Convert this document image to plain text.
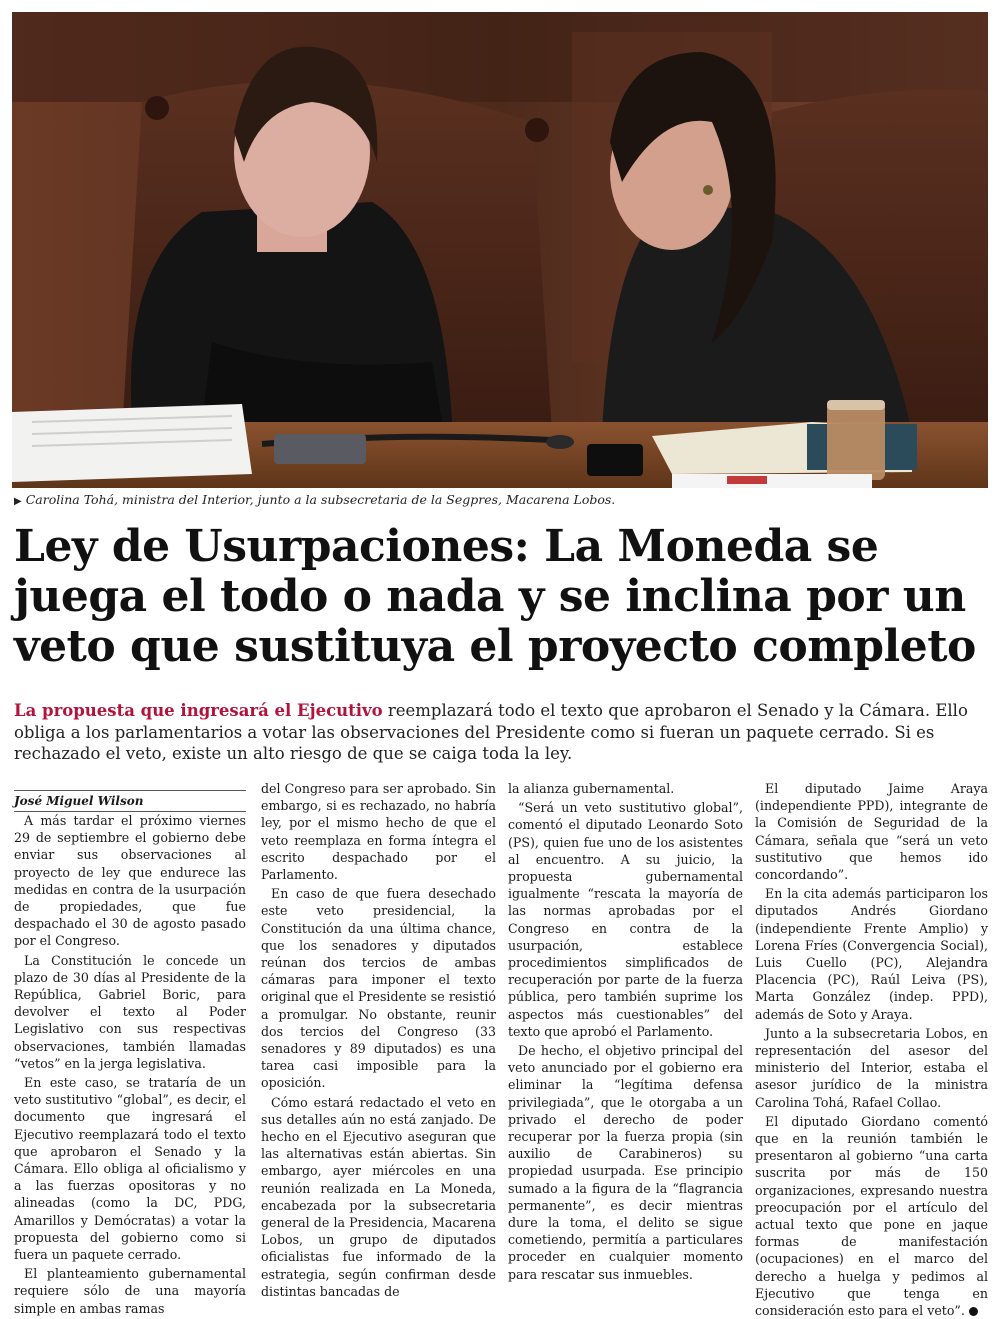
▶ Carolina Tohá, ministra del Interior, junto a la subsecretaria de la Segpres, Macarena Lobos.
Ley de Usurpaciones: La Moneda se juega el todo o nada y se inclina por un veto que sustituya el proyecto completo

La propuesta que ingresará el Ejecutivo reemplazará todo el texto que aprobaron el Senado y la Cámara. Ello obliga a los parlamentarios a votar las observaciones del Presidente como si fueran un paquete cerrado. Si es rechazado el veto, existe un alto riesgo de que se caiga toda la ley.

José Miguel Wilson

A más tardar el próximo viernes 29 de septiembre el gobierno debe enviar sus observaciones al proyecto de ley que endurece las medidas en contra de la usurpación de propiedades, que fue despachado el 30 de agosto pasado por el Congreso.

La Constitución le concede un plazo de 30 días al Presidente de la República, Gabriel Boric, para devolver el texto al Poder Legislativo con sus respectivas observaciones, también llamadas “vetos” en la jerga legislativa.

En este caso, se trataría de un veto sustitutivo “global”, es decir, el documento que ingresará el Ejecutivo reemplazará todo el texto que aprobaron el Senado y la Cámara. Ello obliga al oficialismo y a las fuerzas opositoras y no alineadas (como la DC, PDG, Amarillos y Demócratas) a votar la propuesta del gobierno como si fuera un paquete cerrado.

El planteamiento gubernamental requiere sólo de una mayoría simple en ambas ramas

del Congreso para ser aprobado. Sin embargo, si es rechazado, no habría ley, por el mismo hecho de que el veto reemplaza en forma íntegra el escrito despachado por el Parlamento.

En caso de que fuera desechado este veto presidencial, la Constitución da una última chance, que los senadores y diputados reúnan dos tercios de ambas cámaras para imponer el texto original que el Presidente se resistió a promulgar. No obstante, reunir dos tercios del Congreso (33 senadores y 89 diputados) es una tarea casi imposible para la oposición.

Cómo estará redactado el veto en sus detalles aún no está zanjado. De hecho en el Ejecutivo aseguran que las alternativas están abiertas. Sin embargo, ayer miércoles en una reunión realizada en La Moneda, encabezada por la subsecretaria general de la Presidencia, Macarena Lobos, un grupo de diputados oficialistas fue informado de la estrategia, según confirman desde distintas bancadas de

la alianza gubernamental.

“Será un veto sustitutivo global”, comentó el diputado Leonardo Soto (PS), quien fue uno de los asistentes al encuentro. A su juicio, la propuesta gubernamental igualmente “rescata la mayoría de las normas aprobadas por el Congreso en contra de la usurpación, establece procedimientos simplificados de recuperación por parte de la fuerza pública, pero también suprime los aspectos más cuestionables” del texto que aprobó el Parlamento.

De hecho, el objetivo principal del veto anunciado por el gobierno era eliminar la “legítima defensa privilegiada”, que le otorgaba a un privado el derecho de poder recuperar por la fuerza propia (sin auxilio de Carabineros) su propiedad usurpada. Ese principio sumado a la figura de la “flagrancia permanente”, es decir mientras dure la toma, el delito se sigue cometiendo, permitía a particulares proceder en cualquier momento para rescatar sus inmuebles.

El diputado Jaime Araya (independiente PPD), integrante de la Comisión de Seguridad de la Cámara, señala que “será un veto sustitutivo que hemos ido concordando”.

En la cita además participaron los diputados Andrés Giordano (independiente Frente Amplio) y Lorena Fríes (Convergencia Social), Luis Cuello (PC), Alejandra Placencia (PC), Raúl Leiva (PS), Marta González (indep. PPD), además de Soto y Araya.

Junto a la subsecretaria Lobos, en representación del asesor del ministerio del Interior, estaba el asesor jurídico de la ministra Carolina Tohá, Rafael Collao.

El diputado Giordano comentó que en la reunión también le presentaron al gobierno “una carta suscrita por más de 150 organizaciones, expresando nuestra preocupación por el artículo del actual texto que pone en jaque formas de manifestación (ocupaciones) en el marco del derecho a huelga y pedimos al Ejecutivo que tenga en consideración esto para el veto”.
